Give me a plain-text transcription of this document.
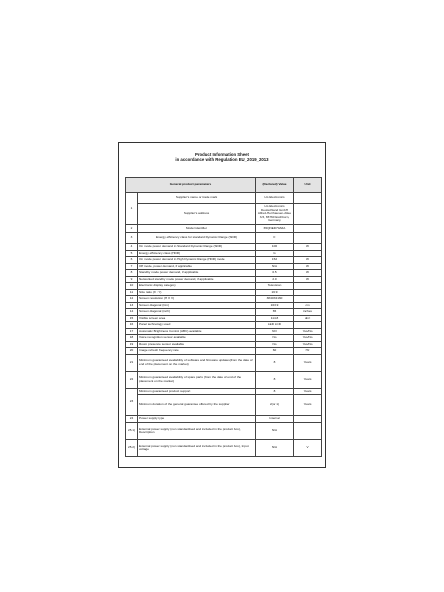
Product Information Sheet
in accordance with Regulation EU_2019_2013
General product parameters		(Declared) Value	Unit
1	Supplier's name or trade mark	LG Electronics	
	Supplier's address	LG Electronics Deutschland GmbH Alfred-Herrhausen-Allee 3-5, 65760 Eschborn, Germany	
2	Model identifier	65QNED70A6A	
3	Energy efficiency class for standard Dynamic Range (SDR)	F	
4	On mode power demand in Standard Dynamic Range (SDR)	100	W
5	Energy efficiency class (HDR)	G	
6	On mode power demand in High Dynamic Range (HDR) mode	152	W
7	Off mode, power demand, if applicable	N/A	W
8	Standby mode power demand, if applicable	0.5	W
9	Networked standby mode power demand, if applicable	2.0	W
10	Electronic display category	Television	
11	Size ratio (X : Y)	16:9	
12	Screen resolution (H X V)	3840X2160	
13	Screen diagonal (Cm)	163.9	cm
14	Screen diagonal (inch)	65	inches
15	Visible screen area	114.8	dm²
16	Panel technology used	LED LCD	
17	Automatic Brightness Control (ABC) available	NO	Yes/No
18	Voice recognition sensor available	No	Yes/No
19	Room presence sensor available	No	Yes/No
20	Image refresh frequency rate	60	Hz
21	Minimum guaranteed availability of software and firmware updates(from the date of end of the placement on the market)	8	Years
22	Minimum guaranteed availability of spare parts (from the date of end of the placement on the market)	8	Years
23	Minimum guaranteed product support	8	Years
	Minimum duration of the general guarantee offered by the supplier	2(or 1)	Years
24	Power supply type	Internal	
25.1)	External power supply (non standardised and included in the product box), Description	N/A	
25.2)	External power supply (non standardised and included in the product box), Input voltage	N/A	V
